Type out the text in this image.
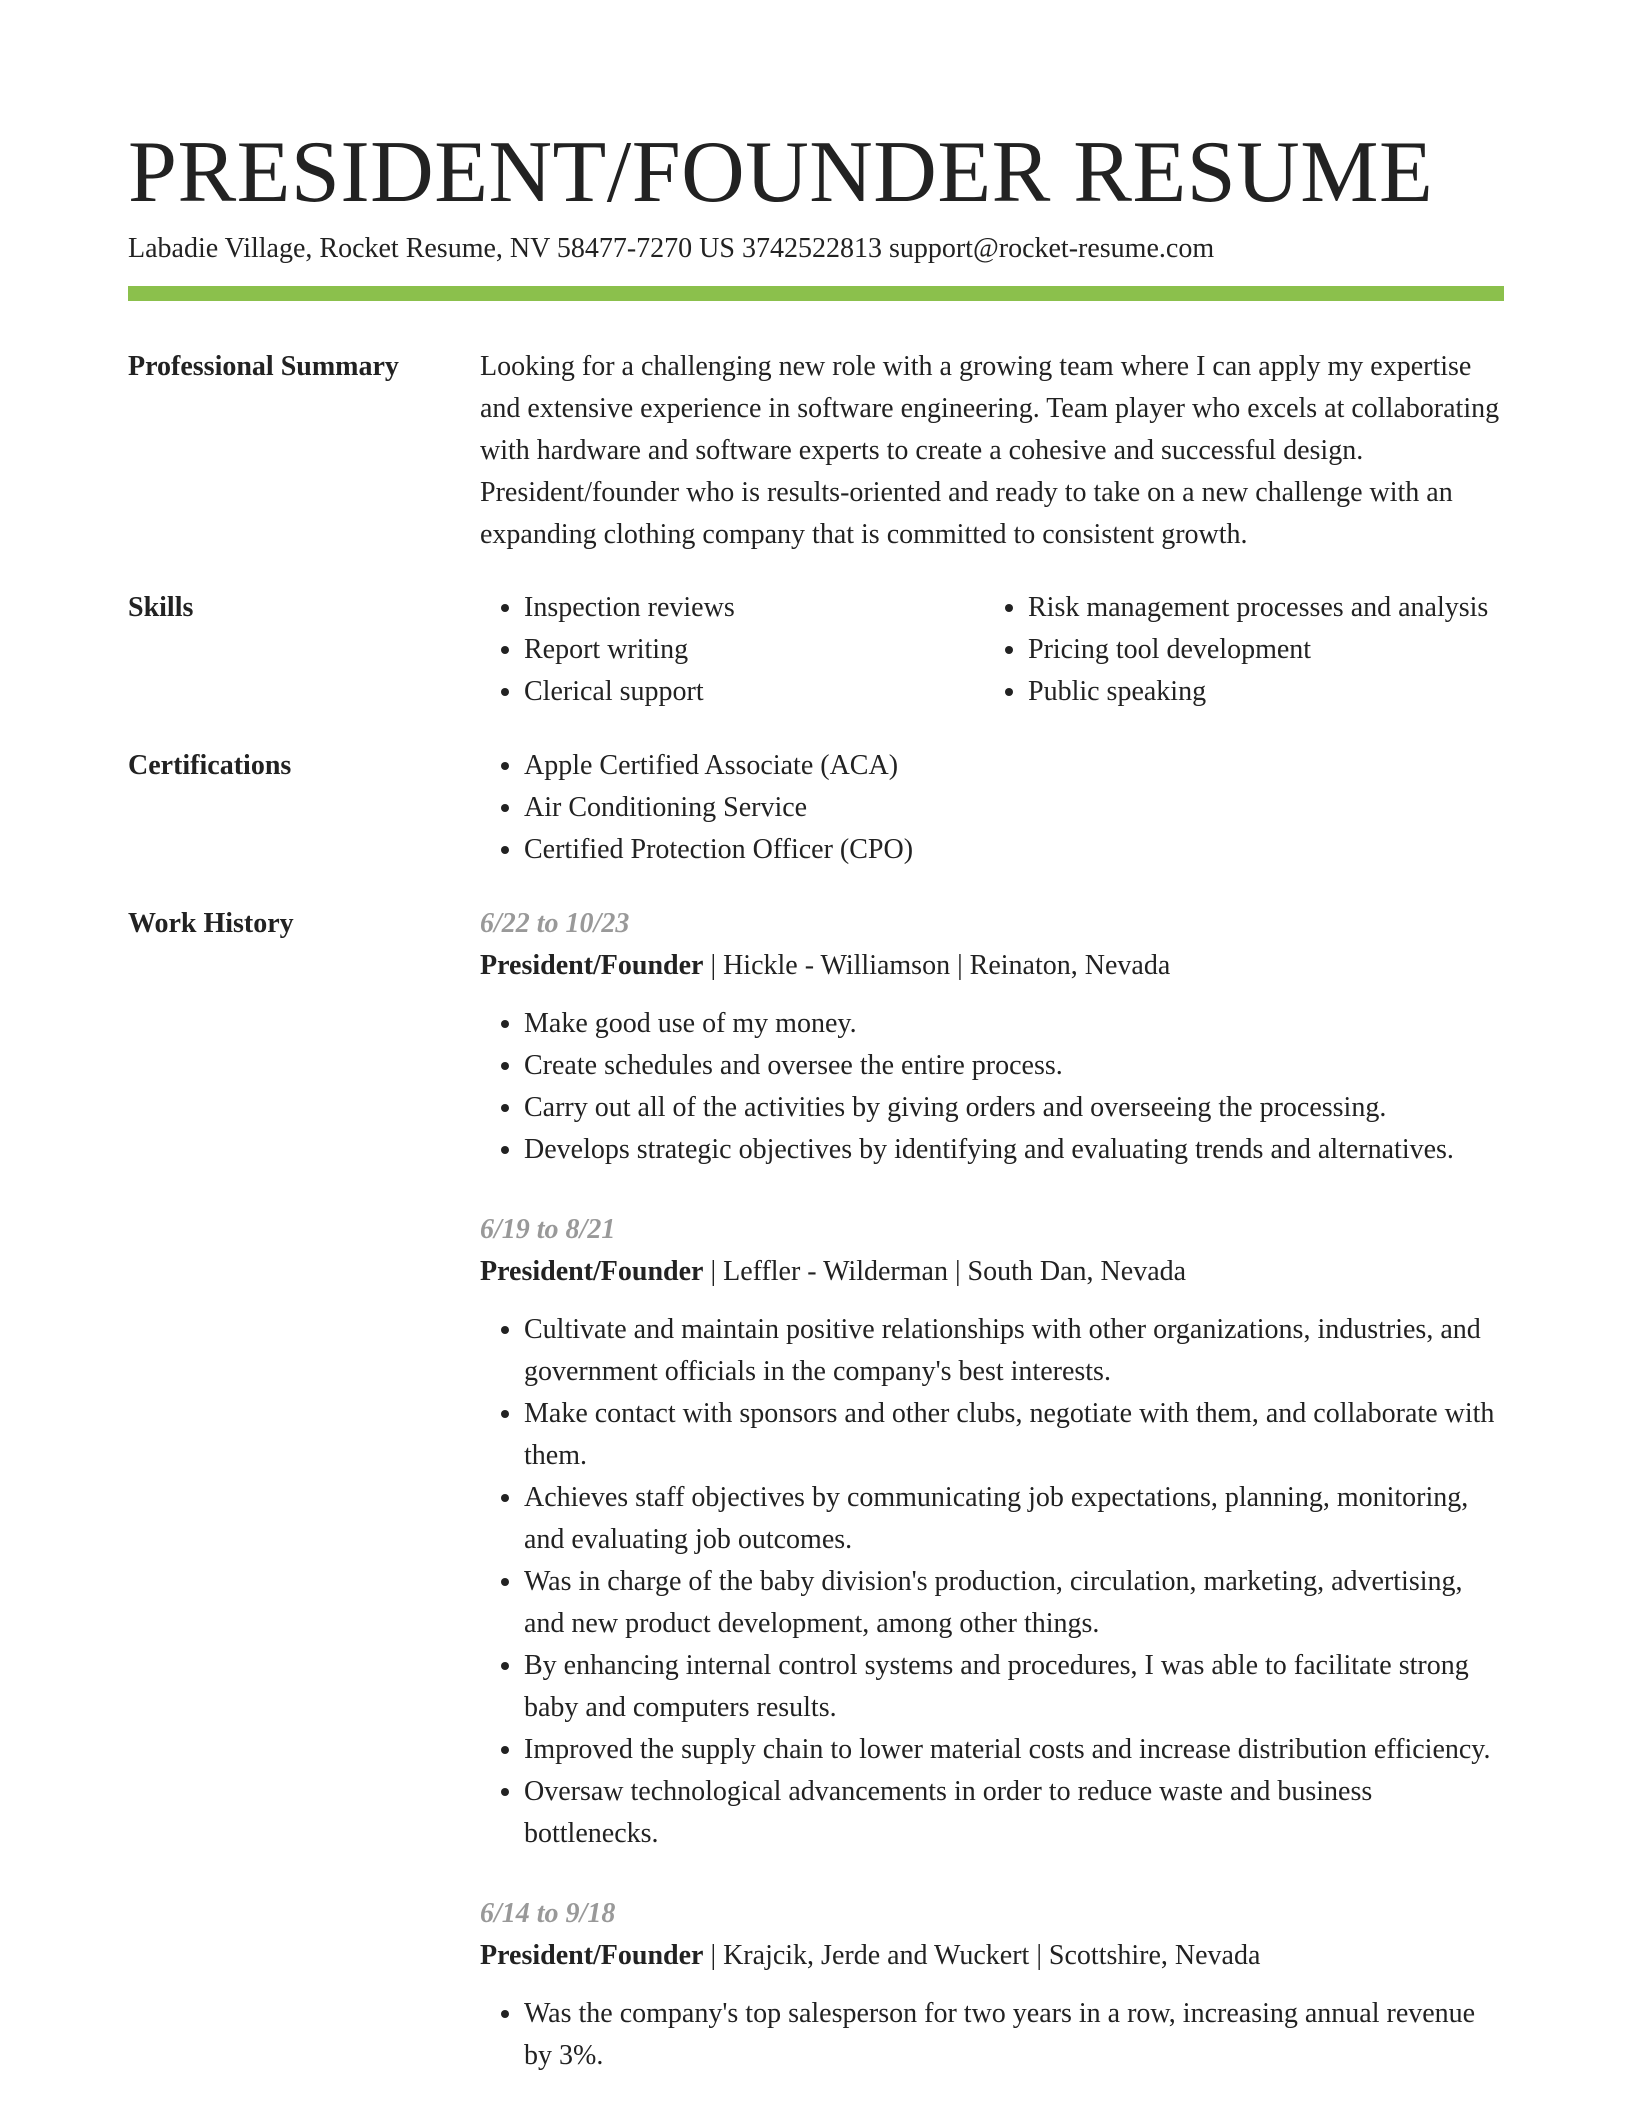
PRESIDENT/FOUNDER RESUME
Labadie Village, Rocket Resume, NV 58477-7270 US 3742522813 support@rocket-resume.com
Professional Summary	Looking for a challenging new role with a growing team where I can apply my expertise and extensive experience in software engineering. Team player who excels at collaborating with hardware and software experts to create a cohesive and successful design. President/founder who is results-oriented and ready to take on a new challenge with an expanding clothing company that is committed to consistent growth.

Skills	• Inspection reviews
• Report writing
• Clerical support
• Risk management processes and analysis
• Pricing tool development
• Public speaking
Certifications	• Apple Certified Associate (ACA)
• Air Conditioning Service
• Certified Protection Officer (CPO)
Work History	6/22 to 10/23
President/Founder | Hickle - Williamson | Reinaton, Nevada
• Make good use of my money.
• Create schedules and oversee the entire process.
• Carry out all of the activities by giving orders and overseeing the processing.
• Develops strategic objectives by identifying and evaluating trends and alternatives.
6/19 to 8/21
President/Founder | Leffler - Wilderman | South Dan, Nevada
• Cultivate and maintain positive relationships with other organizations, industries, and government officials in the company's best interests.
• Make contact with sponsors and other clubs, negotiate with them, and collaborate with them.
• Achieves staff objectives by communicating job expectations, planning, monitoring, and evaluating job outcomes.
• Was in charge of the baby division's production, circulation, marketing, advertising, and new product development, among other things.
• By enhancing internal control systems and procedures, I was able to facilitate strong baby and computers results.
• Improved the supply chain to lower material costs and increase distribution efficiency.
• Oversaw technological advancements in order to reduce waste and business bottlenecks.
6/14 to 9/18
President/Founder | Krajcik, Jerde and Wuckert | Scottshire, Nevada
• Was the company's top salesperson for two years in a row, increasing annual revenue by 3%.
